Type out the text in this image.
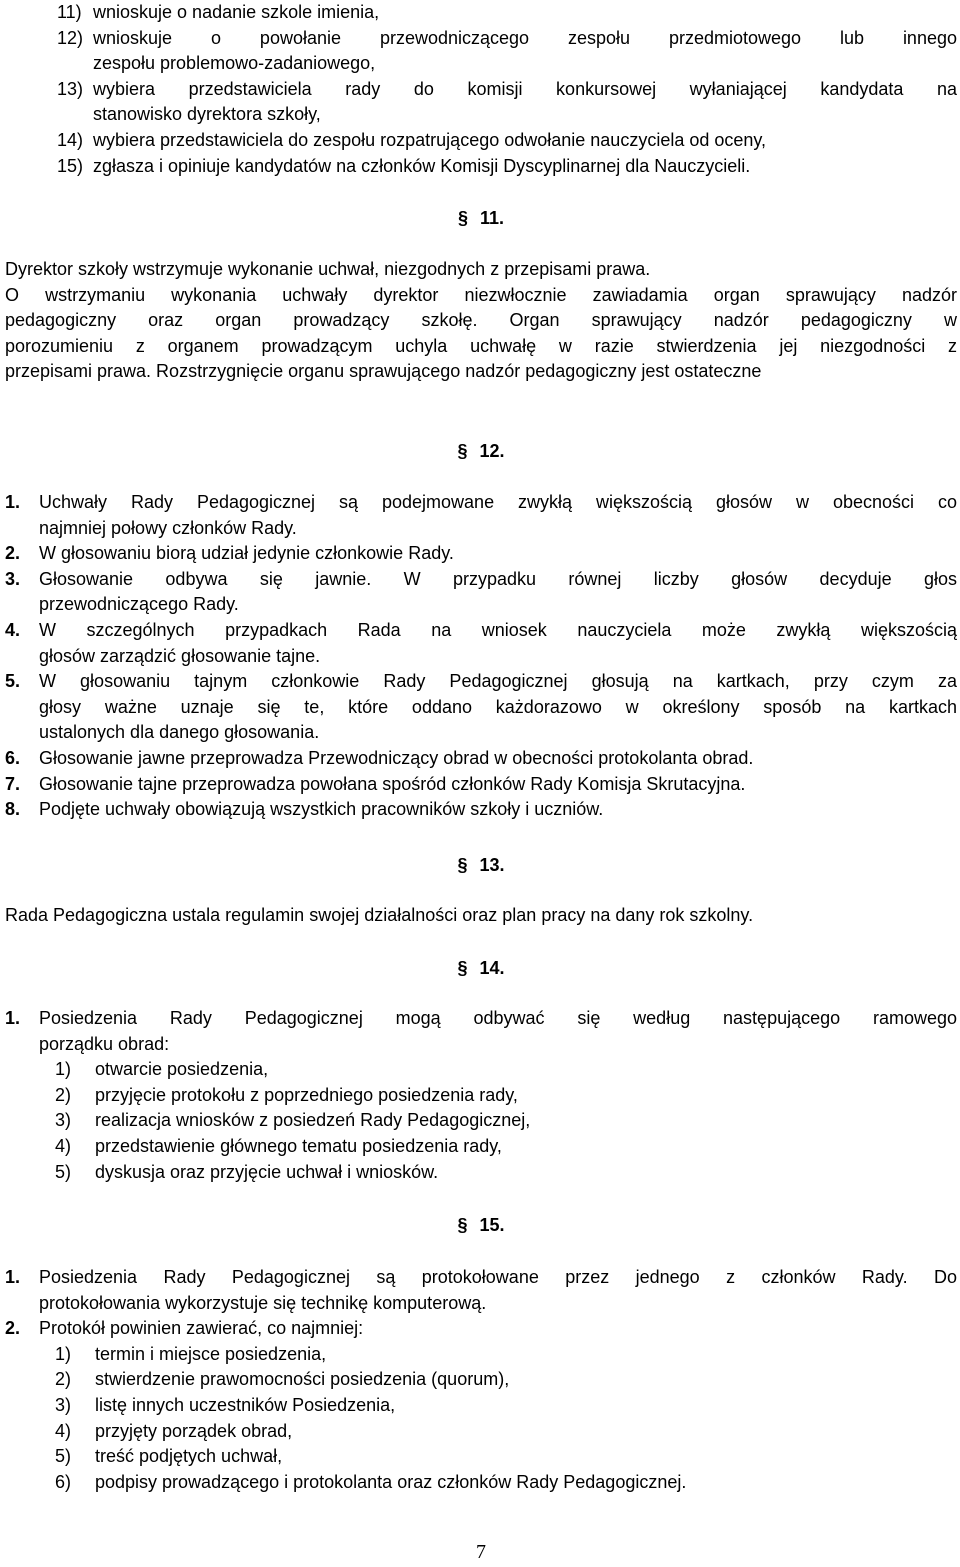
11) wnioskuje o nadanie szkole imienia,
12) wnioskuje o powołanie przewodniczącego zespołu przedmiotowego lub innego
zespołu problemowo-zadaniowego,
13) wybiera przedstawiciela rady do komisji konkursowej wyłaniającej kandydata na
stanowisko dyrektora szkoły,
14) wybiera przedstawiciela do zespołu rozpatrującego odwołanie nauczyciela od oceny,
15) zgłasza i opiniuje kandydatów na członków Komisji Dyscyplinarnej dla Nauczycieli.
§ 11.
Dyrektor szkoły wstrzymuje wykonanie uchwał, niezgodnych z przepisami prawa.
O wstrzymaniu wykonania uchwały dyrektor niezwłocznie zawiadamia organ sprawujący nadzór
pedagogiczny oraz organ prowadzący szkołę. Organ sprawujący nadzór pedagogiczny w
porozumieniu z organem prowadzącym uchyla uchwałę w razie stwierdzenia jej niezgodności z
przepisami prawa. Rozstrzygnięcie organu sprawującego nadzór pedagogiczny jest ostateczne
§ 12.
1. Uchwały Rady Pedagogicznej są podejmowane zwykłą większością głosów w obecności co
najmniej połowy członków Rady.
2. W głosowaniu biorą udział jedynie członkowie Rady.
3. Głosowanie odbywa się jawnie. W przypadku równej liczby głosów decyduje głos
przewodniczącego Rady.
4. W szczególnych przypadkach Rada na wniosek nauczyciela może zwykłą większością
głosów zarządzić głosowanie tajne.
5. W głosowaniu tajnym członkowie Rady Pedagogicznej głosują na kartkach, przy czym za
głosy ważne uznaje się te, które oddano każdorazowo w określony sposób na kartkach
ustalonych dla danego głosowania.
6. Głosowanie jawne przeprowadza Przewodniczący obrad w obecności protokolanta obrad.
7. Głosowanie tajne przeprowadza powołana spośród członków Rady Komisja Skrutacyjna.
8. Podjęte uchwały obowiązują wszystkich pracowników szkoły i uczniów.
§ 13.
Rada Pedagogiczna ustala regulamin swojej działalności oraz plan pracy na dany rok szkolny.
§ 14.
1. Posiedzenia Rady Pedagogicznej mogą odbywać się według następującego ramowego
porządku obrad:
1) otwarcie posiedzenia,
2) przyjęcie protokołu z poprzedniego posiedzenia rady,
3) realizacja wniosków z posiedzeń Rady Pedagogicznej,
4) przedstawienie głównego tematu posiedzenia rady,
5) dyskusja oraz przyjęcie uchwał i wniosków.
§ 15.
1. Posiedzenia Rady Pedagogicznej są protokołowane przez jednego z członków Rady. Do
protokołowania wykorzystuje się technikę komputerową.
2. Protokół powinien zawierać, co najmniej:
1) termin i miejsce posiedzenia,
2) stwierdzenie prawomocności posiedzenia (quorum),
3) listę innych uczestników Posiedzenia,
4) przyjęty porządek obrad,
5) treść podjętych uchwał,
6) podpisy prowadzącego i protokolanta oraz członków Rady Pedagogicznej.
7
